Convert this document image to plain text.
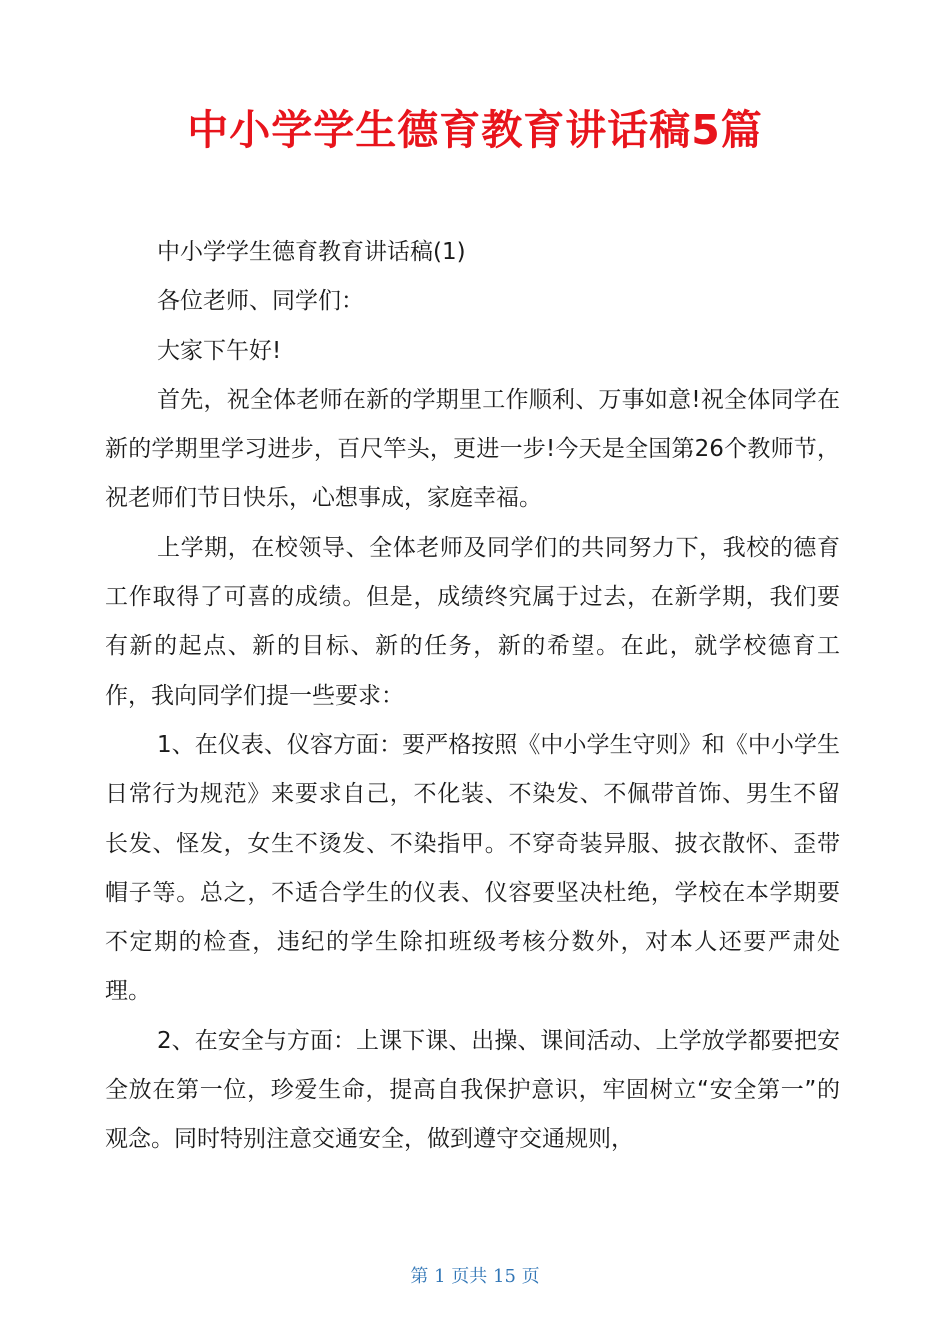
中小学学生德育教育讲话稿5篇

中小学学生德育教育讲话稿(1)

各位老师、同学们：

大家下午好!

首先，祝全体老师在新的学期里工作顺利、万事如意!祝全体同学在新的学期里学习进步，百尺竿头，更进一步!今天是全国第26个教师节，祝老师们节日快乐，心想事成，家庭幸福。

上学期，在校领导、全体老师及同学们的共同努力下，我校的德育工作取得了可喜的成绩。但是，成绩终究属于过去，在新学期，我们要有新的起点、新的目标、新的任务，新的希望。在此，就学校德育工作，我向同学们提一些要求：

1、在仪表、仪容方面：要严格按照《中小学生守则》和《中小学生日常行为规范》来要求自己，不化装、不染发、不佩带首饰、男生不留长发、怪发，女生不烫发、不染指甲。不穿奇装异服、披衣散怀、歪带帽子等。总之，不适合学生的仪表、仪容要坚决杜绝，学校在本学期要不定期的检查，违纪的学生除扣班级考核分数外，对本人还要严肃处理。

2、在安全与方面：上课下课、出操、课间活动、上学放学都要把安全放在第一位，珍爱生命，提高自我保护意识，牢固树立“安全第一”的观念。同时特别注意交通安全，做到遵守交通规则，

第 1 页共 15 页
